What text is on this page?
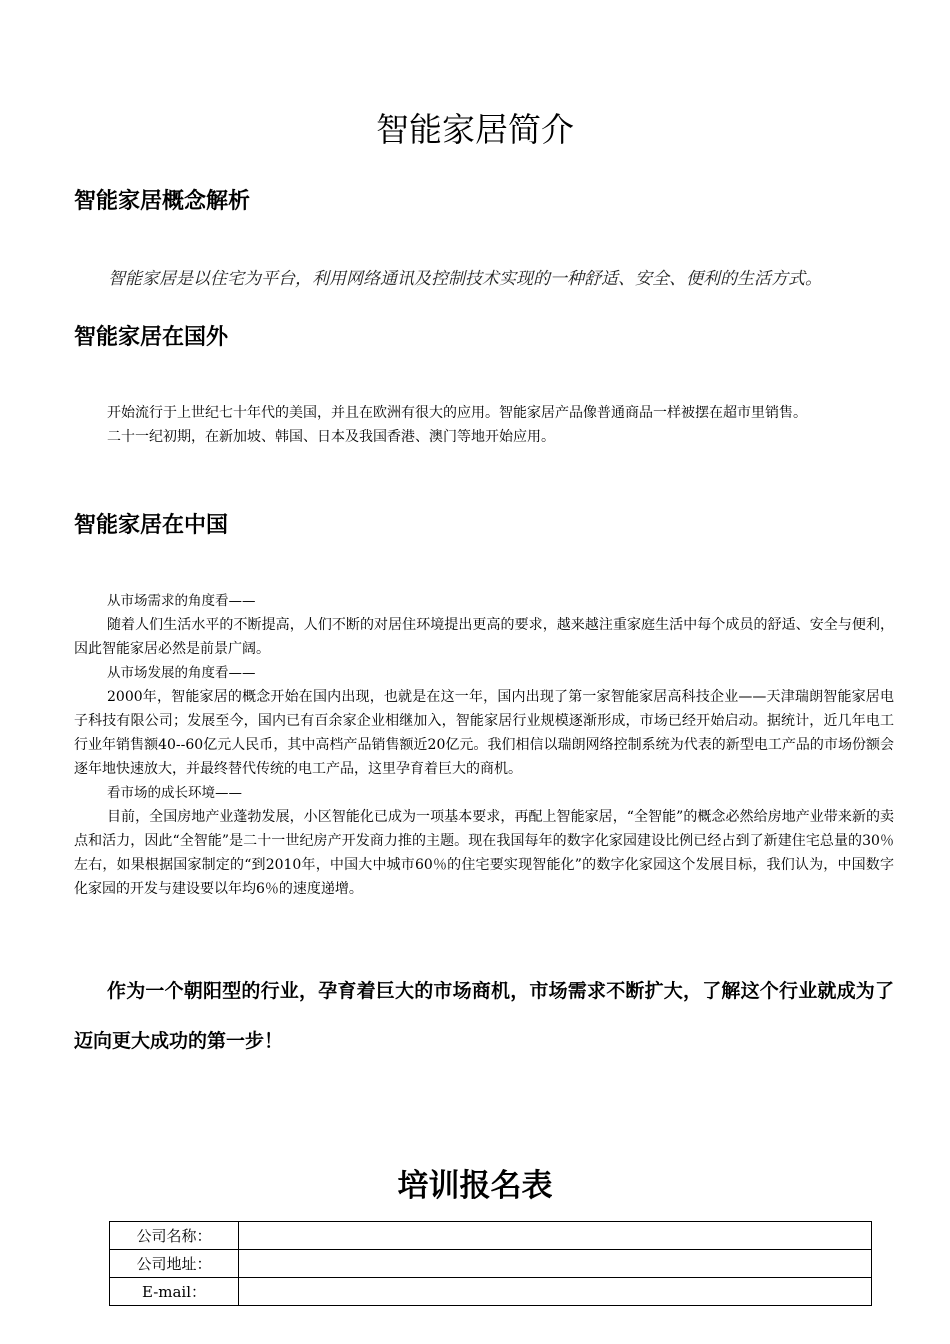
智能家居简介
智能家居概念解析
智能家居是以住宅为平台，利用网络通讯及控制技术实现的一种舒适、安全、便利的生活方式。
智能家居在国外

开始流行于上世纪七十年代的美国，并且在欧洲有很大的应用。智能家居产品像普通商品一样被摆在超市里销售。

二十一纪初期，在新加坡、韩国、日本及我国香港、澳门等地开始应用。

智能家居在中国

从市场需求的角度看——

随着人们生活水平的不断提高，人们不断的对居住环境提出更高的要求，越来越注重家庭生活中每个成员的舒适、安全与便利，因此智能家居必然是前景广阔。

从市场发展的角度看——

2000年，智能家居的概念开始在国内出现，也就是在这一年，国内出现了第一家智能家居高科技企业——天津瑞朗智能家居电子科技有限公司；发展至今，国内已有百余家企业相继加入，智能家居行业规模逐渐形成，市场已经开始启动。据统计，近几年电工行业年销售额40--60亿元人民币，其中高档产品销售额近20亿元。我们相信以瑞朗网络控制系统为代表的新型电工产品的市场份额会逐年地快速放大，并最终替代传统的电工产品，这里孕育着巨大的商机。

看市场的成长环境——

目前，全国房地产业蓬勃发展，小区智能化已成为一项基本要求，再配上智能家居，“全智能”的概念必然给房地产业带来新的卖点和活力，因此“全智能”是二十一世纪房产开发商力推的主题。现在我国每年的数字化家园建设比例已经占到了新建住宅总量的30％左右，如果根据国家制定的“到2010年，中国大中城市60％的住宅要实现智能化”的数字化家园这个发展目标，我们认为，中国数字化家园的开发与建设要以年均6％的速度递增。

作为一个朝阳型的行业，孕育着巨大的市场商机，市场需求不断扩大，了解这个行业就成为了迈向更大成功的第一步！

培训报名表
公司名称：	
公司地址：	
E-mail：	
